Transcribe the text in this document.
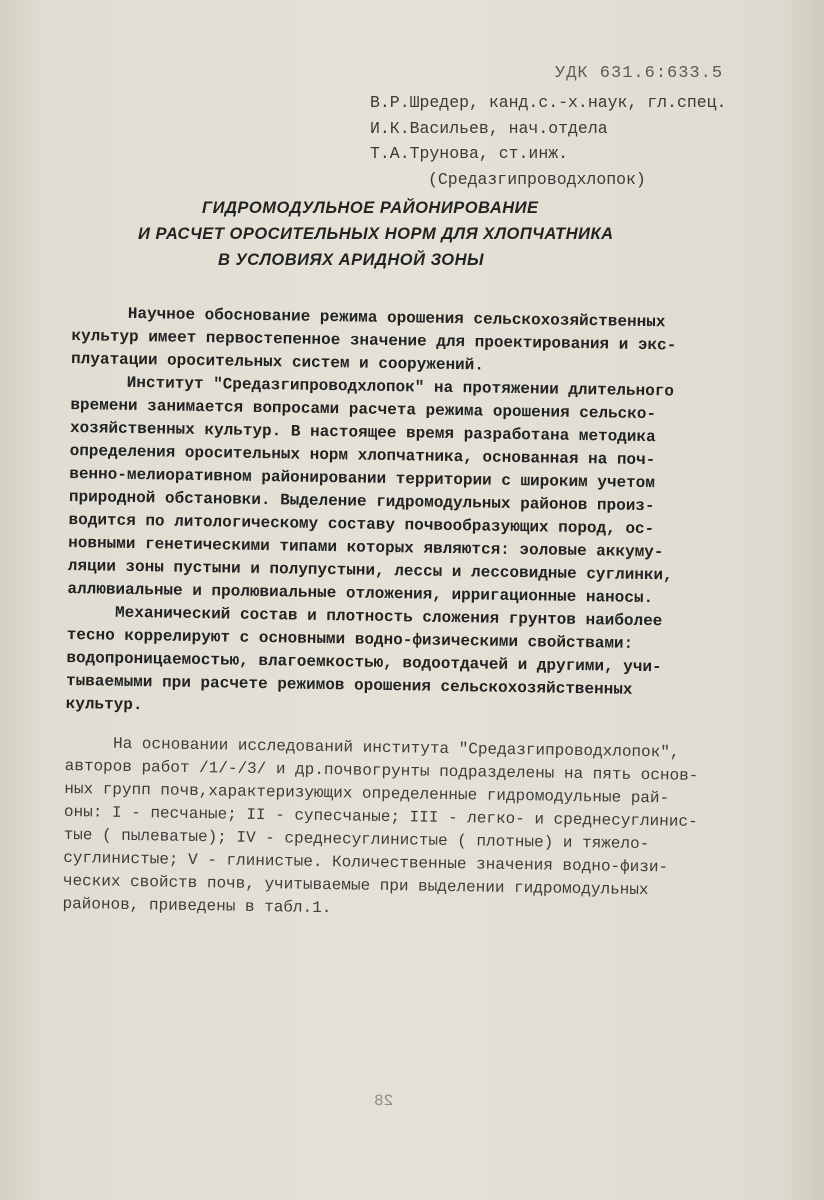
УДК 631.6:633.5
В.Р.Шредер, канд.с.-х.наук, гл.спец.
И.К.Васильев, нач.отдела
Т.А.Трунова, ст.инж.
(Средазгипроводхлопок)
ГИДРОМОДУЛЬНОЕ РАЙОНИРОВАНИЕ
И РАСЧЕТ ОРОСИТЕЛЬНЫХ НОРМ ДЛЯ ХЛОПЧАТНИКА
В УСЛОВИЯХ АРИДНОЙ ЗОНЫ
Научное обоснование режима орошения сельскохозяйственных
культур имеет первостепенное значение для проектирования и экс-
плуатации оросительных систем и сооружений.
Институт "Средазгипроводхлопок" на протяжении длительного
времени занимается вопросами расчета режима орошения сельско-
хозяйственных культур. В настоящее время разработана методика
определения оросительных норм хлопчатника, основанная на поч-
венно-мелиоративном районировании территории с широким учетом
природной обстановки. Выделение гидромодульных районов произ-
водится по литологическому составу почвообразующих пород, ос-
новными генетическими типами которых являются: эоловые аккуму-
ляции зоны пустыни и полупустыни, лессы и лессовидные суглинки,
аллювиальные и пролювиальные отложения, ирригационные наносы.
Механический состав и плотность сложения грунтов наиболее
тесно коррелируют с основными водно-физическими свойствами:
водопроницаемостью, влагоемкостью, водоотдачей и другими, учи-
тываемыми при расчете режимов орошения сельскохозяйственных
культур.
На основании исследований института "Средазгипроводхлопок",
авторов работ /1/-/3/ и др.почвогрунты подразделены на пять основ-
ных групп почв,характеризующих определенные гидромодульные рай-
оны: I - песчаные; II - супесчаные; III - легко- и среднесуглинис-
тые ( пылеватые); IV - среднесуглинистые ( плотные) и тяжело-
суглинистые; V - глинистые. Количественные значения водно-физи-
ческих свойств почв, учитываемые при выделении гидромодульных
районов, приведены в табл.1.
28
